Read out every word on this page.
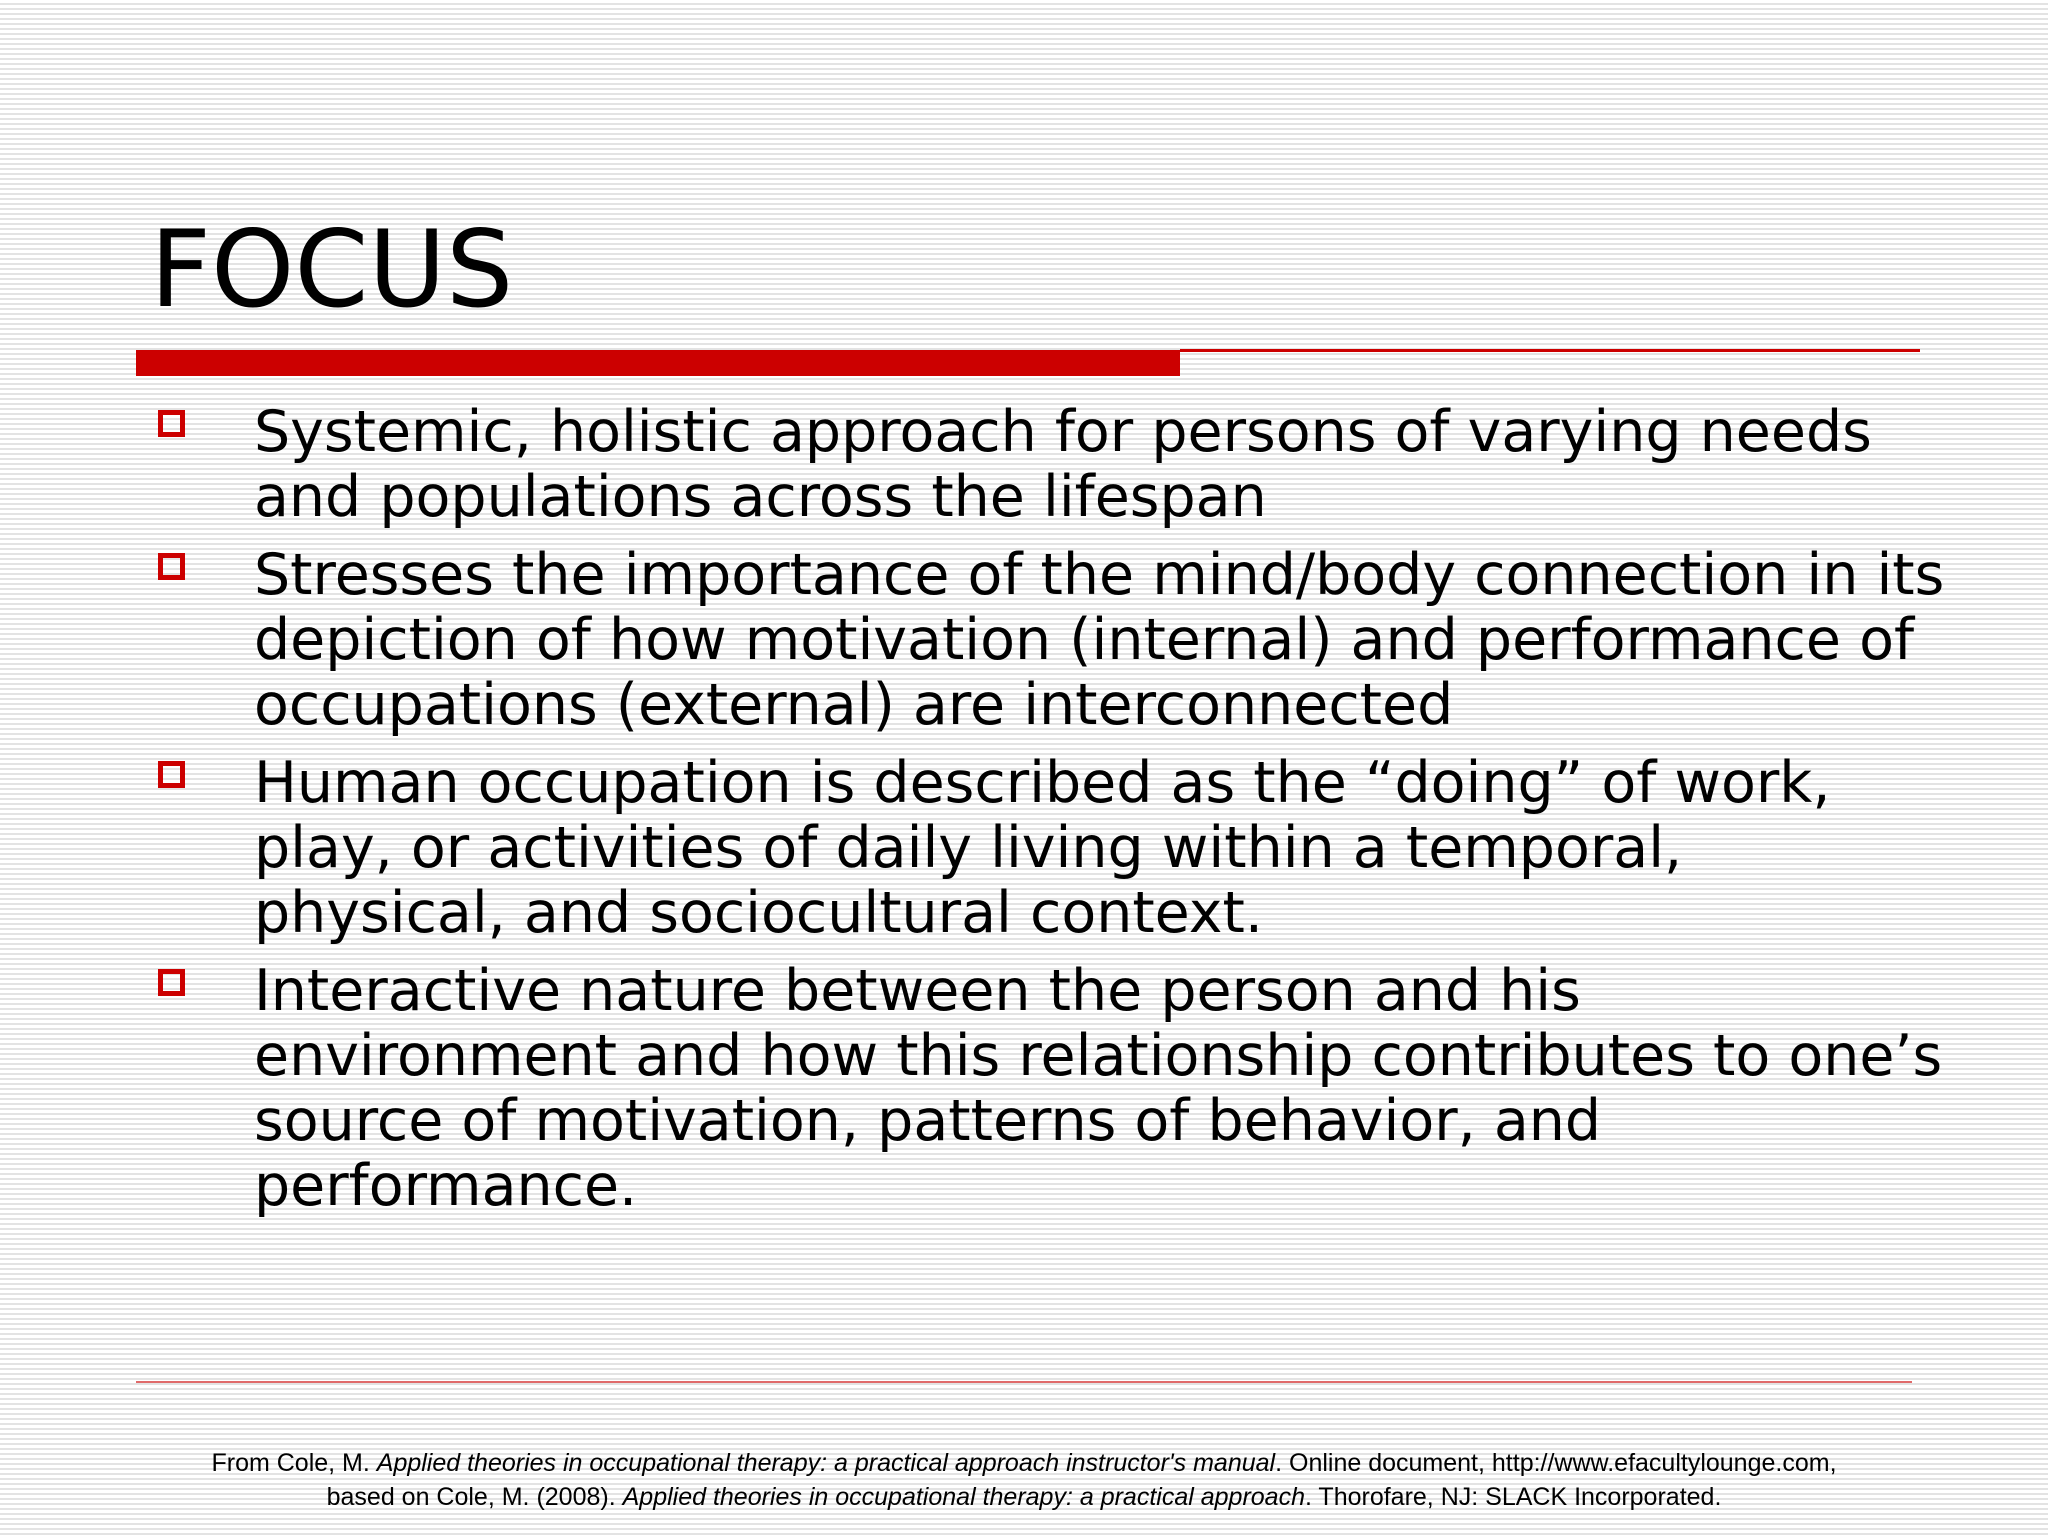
FOCUS
Systemic, holistic approach for persons of varying needs and populations across the lifespan
Stresses the importance of the mind/body connection in its depiction of how motivation (internal) and performance of occupations (external) are interconnected
Human occupation is described as the “doing” of work, play, or activities of daily living within a temporal, physical, and sociocultural context.
Interactive nature between the person and his environment and how this relationship contributes to one’s source of motivation, patterns of behavior, and performance.

From Cole, M. Applied theories in occupational therapy: a practical approach instructor's manual. Online document, http://www.efacultylounge.com,
based on Cole, M. (2008). Applied theories in occupational therapy: a practical approach. Thorofare, NJ: SLACK Incorporated.
